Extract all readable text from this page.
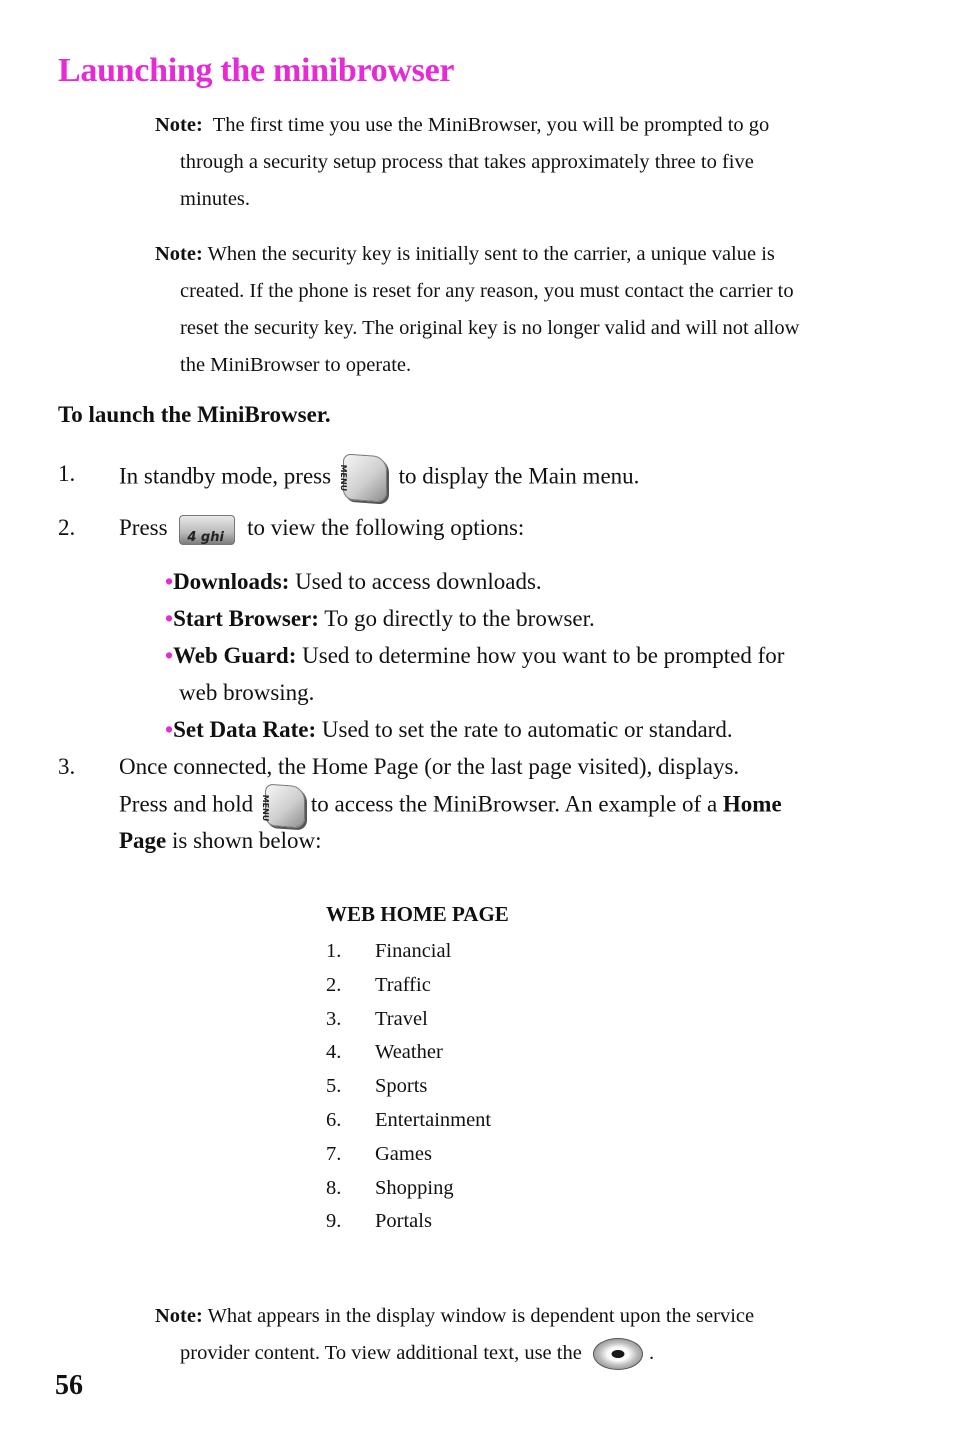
Launching the minibrowser
Note: The first time you use the MiniBrowser, you will be prompted to go
through a security setup process that takes approximately three to five
minutes.
Note: When the security key is initially sent to the carrier, a unique value is
created. If the phone is reset for any reason, you must contact the carrier to
reset the security key. The original key is no longer valid and will not allow
the MiniBrowser to operate.
To launch the MiniBrowser.
1. In standby mode, press MENU	to display the Main menu.
2. Press 4 ghi to view the following options:
•Downloads: Used to access downloads.
•Start Browser: To go directly to the browser.
•Web Guard: Used to determine how you want to be prompted for
web browsing.
•Set Data Rate: Used to set the rate to automatic or standard.
3. Once connected, the Home Page (or the last page visited), displays.
Press and hold MENU	to access the MiniBrowser. An example of a Home
Page is shown below:
WEB HOME PAGE
1. Financial
2. Traffic
3. Travel
4. Weather
5. Sports
6. Entertainment
7. Games
8. Shopping
9. Portals
Note: What appears in the display window is dependent upon the service
provider content. To view additional text, use the	.
56
